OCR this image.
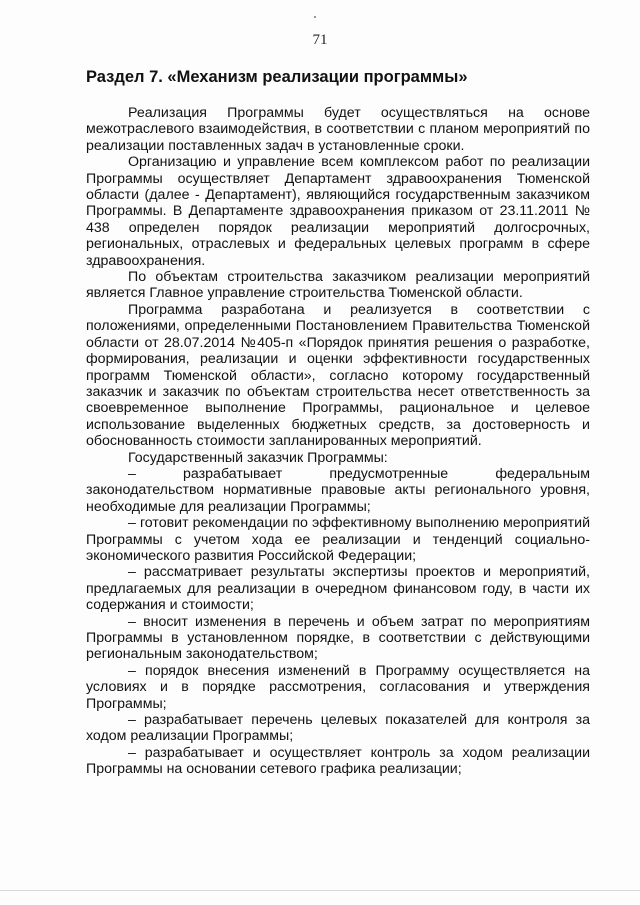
71
Раздел 7. «Механизм реализации программы»

Реализация Программы будет осуществляться на основе межотраслевого взаимодействия, в соответствии с планом мероприятий по реализации поставленных задач в установленные сроки.

Организацию и управление всем комплексом работ по реализации Программы осуществляет Департамент здравоохранения Тюменской области (далее - Департамент), являющийся государственным заказчиком Программы. В Департаменте здравоохранения приказом от 23.11.2011 № 438 определен порядок реализации мероприятий долгосрочных, региональных, отраслевых и федеральных целевых программ в сфере здравоохранения.

По объектам строительства заказчиком реализации мероприятий является Главное управление строительства Тюменской области.

Программа разработана и реализуется в соответствии с положениями, определенными Постановлением Правительства Тюменской области от 28.07.2014 №405-п «Порядок принятия решения о разработке, формирования, реализации и оценки эффективности государственных программ Тюменской области», согласно которому государственный заказчик и заказчик по объектам строительства несет ответственность за своевременное выполнение Программы, рациональное и целевое использование выделенных бюджетных средств, за достоверность и обоснованность стоимости запланированных мероприятий.

Государственный заказчик Программы:

– разрабатывает предусмотренные федеральным законодательством нормативные правовые акты регионального уровня, необходимые для реализации Программы;

– готовит рекомендации по эффективному выполнению мероприятий Программы с учетом хода ее реализации и тенденций социально-экономического развития Российской Федерации;

– рассматривает результаты экспертизы проектов и мероприятий, предлагаемых для реализации в очередном финансовом году, в части их содержания и стоимости;

– вносит изменения в перечень и объем затрат по мероприятиям Программы в установленном порядке, в соответствии с действующими региональным законодательством;

– порядок внесения изменений в Программу осуществляется на условиях и в порядке рассмотрения, согласования и утверждения Программы;

– разрабатывает перечень целевых показателей для контроля за ходом реализации Программы;

– разрабатывает и осуществляет контроль за ходом реализации Программы на основании сетевого графика реализации;
